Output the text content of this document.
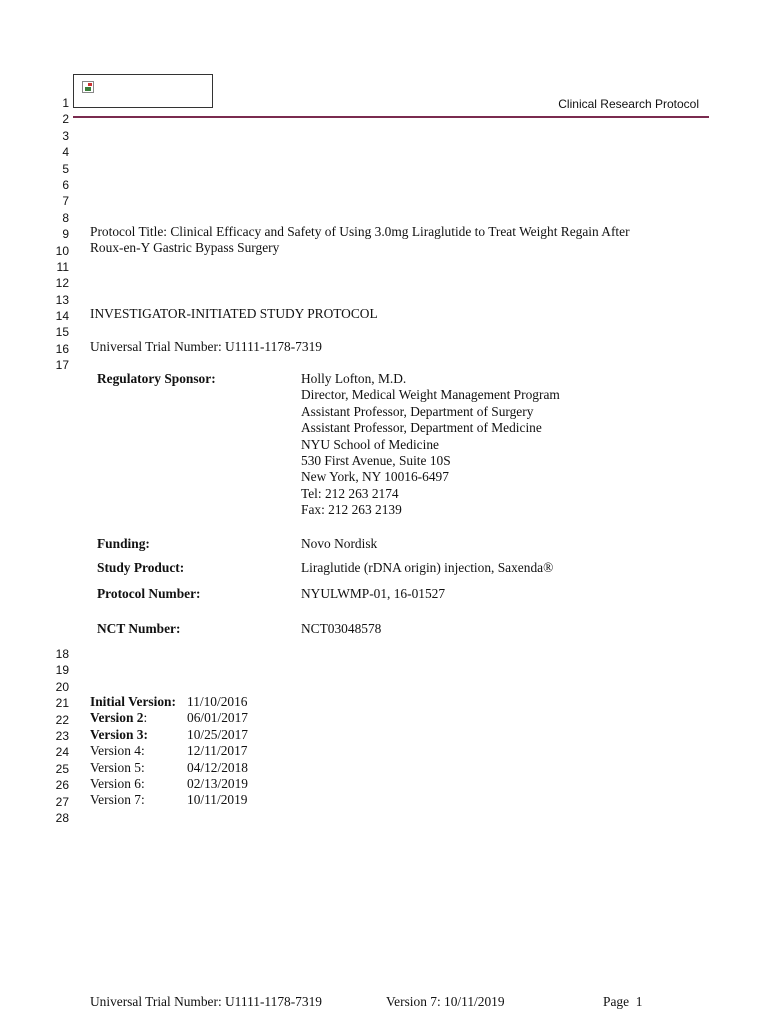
Clinical Research Protocol
1
2
3
4
5
6
7
8
9
10
11
12
13
14
15
16
17
Protocol Title: Clinical Efficacy and Safety of Using 3.0mg Liraglutide to Treat Weight Regain After
Roux-en-Y Gastric Bypass Surgery
INVESTIGATOR-INITIATED STUDY PROTOCOL
Universal Trial Number: U1111-1178-7319
Regulatory Sponsor:	Holly Lofton, M.D.
Director, Medical Weight Management Program
Assistant Professor, Department of Surgery
Assistant Professor, Department of Medicine
NYU School of Medicine
530 First Avenue, Suite 10S
New York, NY 10016-6497
Tel: 212 263 2174
Fax: 212 263 2139
Funding:	Novo Nordisk
Study Product:	Liraglutide (rDNA origin) injection, Saxenda®
Protocol Number:	NYULWMP-01, 16-01527
NCT Number:	NCT03048578
18
19
20
21
22
23
24
25
26
27
28
Initial Version: 11/10/2016
Version 2:	06/01/2017
Version 3:	10/25/2017
Version 4:	12/11/2017
Version 5:	04/12/2018
Version 6:	02/13/2019
Version 7:	10/11/2019
Universal Trial Number: U1111-1178-7319	Version 7: 10/11/2019	Page 1
